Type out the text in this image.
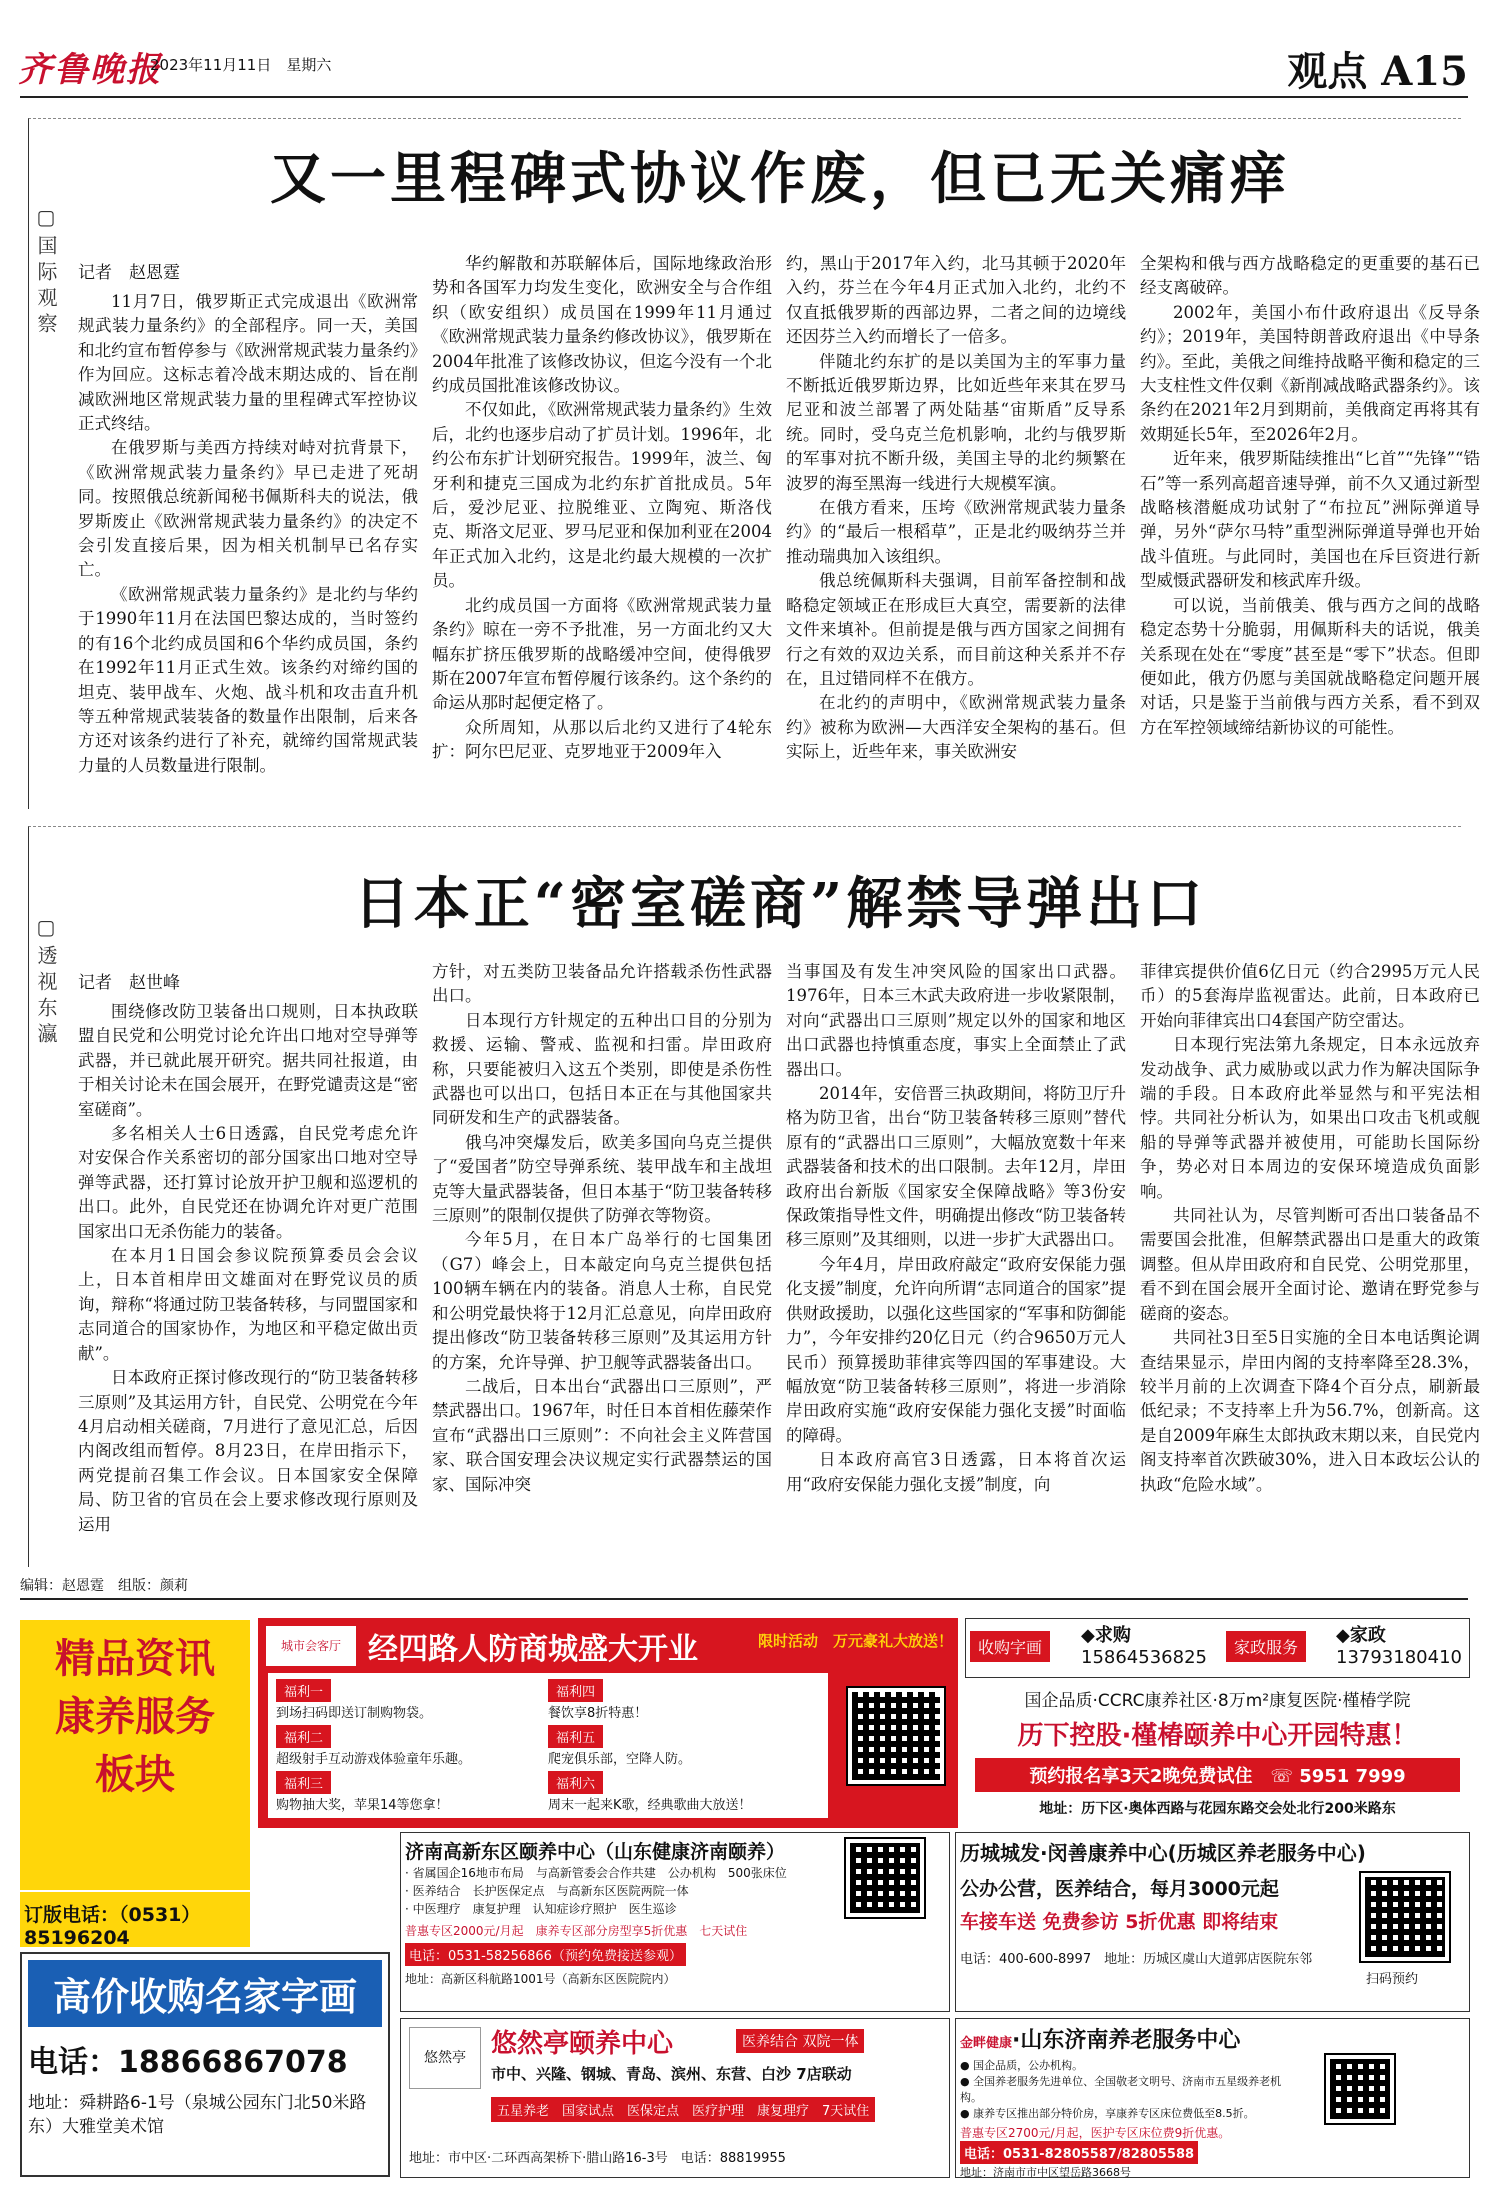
齐鲁晚报
2023年11月11日　星期六	观点 A15
又一里程碑式协议作废，但已无关痛痒
▢国际观察 记者　赵恩霆

11月7日，俄罗斯正式完成退出《欧洲常规武装力量条约》的全部程序。同一天，美国和北约宣布暂停参与《欧洲常规武装力量条约》作为回应。这标志着冷战末期达成的、旨在削减欧洲地区常规武装力量的里程碑式军控协议正式终结。

在俄罗斯与美西方持续对峙对抗背景下，《欧洲常规武装力量条约》早已走进了死胡同。按照俄总统新闻秘书佩斯科夫的说法，俄罗斯废止《欧洲常规武装力量条约》的决定不会引发直接后果，因为相关机制早已名存实亡。

《欧洲常规武装力量条约》是北约与华约于1990年11月在法国巴黎达成的，当时签约的有16个北约成员国和6个华约成员国，条约在1992年11月正式生效。该条约对缔约国的坦克、装甲战车、火炮、战斗机和攻击直升机等五种常规武装装备的数量作出限制，后来各方还对该条约进行了补充，就缔约国常规武装力量的人员数量进行限制。

华约解散和苏联解体后，国际地缘政治形势和各国军力均发生变化，欧洲安全与合作组织（欧安组织）成员国在1999年11月通过《欧洲常规武装力量条约修改协议》，俄罗斯在2004年批准了该修改协议，但迄今没有一个北约成员国批准该修改协议。

不仅如此，《欧洲常规武装力量条约》生效后，北约也逐步启动了扩员计划。1996年，北约公布东扩计划研究报告。1999年，波兰、匈牙利和捷克三国成为北约东扩首批成员。5年后，爱沙尼亚、拉脱维亚、立陶宛、斯洛伐克、斯洛文尼亚、罗马尼亚和保加利亚在2004年正式加入北约，这是北约最大规模的一次扩员。

北约成员国一方面将《欧洲常规武装力量条约》晾在一旁不予批准，另一方面北约又大幅东扩挤压俄罗斯的战略缓冲空间，使得俄罗斯在2007年宣布暂停履行该条约。这个条约的命运从那时起便定格了。

众所周知，从那以后北约又进行了4轮东扩：阿尔巴尼亚、克罗地亚于2009年入

约，黑山于2017年入约，北马其顿于2020年入约，芬兰在今年4月正式加入北约，北约不仅直抵俄罗斯的西部边界，二者之间的边境线还因芬兰入约而增长了一倍多。

伴随北约东扩的是以美国为主的军事力量不断抵近俄罗斯边界，比如近些年来其在罗马尼亚和波兰部署了两处陆基“宙斯盾”反导系统。同时，受乌克兰危机影响，北约与俄罗斯的军事对抗不断升级，美国主导的北约频繁在波罗的海至黑海一线进行大规模军演。

在俄方看来，压垮《欧洲常规武装力量条约》的“最后一根稻草”，正是北约吸纳芬兰并推动瑞典加入该组织。

俄总统佩斯科夫强调，目前军备控制和战略稳定领域正在形成巨大真空，需要新的法律文件来填补。但前提是俄与西方国家之间拥有行之有效的双边关系，而目前这种关系并不存在，且过错同样不在俄方。

在北约的声明中，《欧洲常规武装力量条约》被称为欧洲—大西洋安全架构的基石。但实际上，近些年来，事关欧洲安

全架构和俄与西方战略稳定的更重要的基石已经支离破碎。

2002年，美国小布什政府退出《反导条约》；2019年，美国特朗普政府退出《中导条约》。至此，美俄之间维持战略平衡和稳定的三大支柱性文件仅剩《新削减战略武器条约》。该条约在2021年2月到期前，美俄商定再将其有效期延长5年，至2026年2月。

近年来，俄罗斯陆续推出“匕首”“先锋”“锆石”等一系列高超音速导弹，前不久又通过新型战略核潜艇成功试射了“布拉瓦”洲际弹道导弹，另外“萨尔马特”重型洲际弹道导弹也开始战斗值班。与此同时，美国也在斥巨资进行新型威慑武器研发和核武库升级。

可以说，当前俄美、俄与西方之间的战略稳定态势十分脆弱，用佩斯科夫的话说，俄美关系现在处在“零度”甚至是“零下”状态。但即便如此，俄方仍愿与美国就战略稳定问题开展对话，只是鉴于当前俄与西方关系，看不到双方在军控领域缔结新协议的可能性。

日本正“密室磋商”解禁导弹出口
▢透视东瀛 记者　赵世峰

围绕修改防卫装备出口规则，日本执政联盟自民党和公明党讨论允许出口地对空导弹等武器，并已就此展开研究。据共同社报道，由于相关讨论未在国会展开，在野党谴责这是“密室磋商”。

多名相关人士6日透露，自民党考虑允许对安保合作关系密切的部分国家出口地对空导弹等武器，还打算讨论放开护卫舰和巡逻机的出口。此外，自民党还在协调允许对更广范围国家出口无杀伤能力的装备。

在本月1日国会参议院预算委员会会议上，日本首相岸田文雄面对在野党议员的质询，辩称“将通过防卫装备转移，与同盟国家和志同道合的国家协作，为地区和平稳定做出贡献”。

日本政府正探讨修改现行的“防卫装备转移三原则”及其运用方针，自民党、公明党在今年4月启动相关磋商，7月进行了意见汇总，后因内阁改组而暂停。8月23日，在岸田指示下，两党提前召集工作会议。日本国家安全保障局、防卫省的官员在会上要求修改现行原则及运用

方针，对五类防卫装备品允许搭载杀伤性武器出口。

日本现行方针规定的五种出口目的分别为救援、运输、警戒、监视和扫雷。岸田政府称，只要能被归入这五个类别，即使是杀伤性武器也可以出口，包括日本正在与其他国家共同研发和生产的武器装备。

俄乌冲突爆发后，欧美多国向乌克兰提供了“爱国者”防空导弹系统、装甲战车和主战坦克等大量武器装备，但日本基于“防卫装备转移三原则”的限制仅提供了防弹衣等物资。

今年5月，在日本广岛举行的七国集团（G7）峰会上，日本敲定向乌克兰提供包括100辆车辆在内的装备。消息人士称，自民党和公明党最快将于12月汇总意见，向岸田政府提出修改“防卫装备转移三原则”及其运用方针的方案，允许导弹、护卫舰等武器装备出口。

二战后，日本出台“武器出口三原则”，严禁武器出口。1967年，时任日本首相佐藤荣作宣布“武器出口三原则”：不向社会主义阵营国家、联合国安理会决议规定实行武器禁运的国家、国际冲突

当事国及有发生冲突风险的国家出口武器。1976年，日本三木武夫政府进一步收紧限制，对向“武器出口三原则”规定以外的国家和地区出口武器也持慎重态度，事实上全面禁止了武器出口。

2014年，安倍晋三执政期间，将防卫厅升格为防卫省，出台“防卫装备转移三原则”替代原有的“武器出口三原则”，大幅放宽数十年来武器装备和技术的出口限制。去年12月，岸田政府出台新版《国家安全保障战略》等3份安保政策指导性文件，明确提出修改“防卫装备转移三原则”及其细则，以进一步扩大武器出口。

今年4月，岸田政府敲定“政府安保能力强化支援”制度，允许向所谓“志同道合的国家”提供财政援助，以强化这些国家的“军事和防御能力”，今年安排约20亿日元（约合9650万元人民币）预算援助菲律宾等四国的军事建设。大幅放宽“防卫装备转移三原则”，将进一步消除岸田政府实施“政府安保能力强化支援”时面临的障碍。

日本政府高官3日透露，日本将首次运用“政府安保能力强化支援”制度，向

菲律宾提供价值6亿日元（约合2995万元人民币）的5套海岸监视雷达。此前，日本政府已开始向菲律宾出口4套国产防空雷达。

日本现行宪法第九条规定，日本永远放弃发动战争、武力威胁或以武力作为解决国际争端的手段。日本政府此举显然与和平宪法相悖。共同社分析认为，如果出口攻击飞机或舰船的导弹等武器并被使用，可能助长国际纷争，势必对日本周边的安保环境造成负面影响。

共同社认为，尽管判断可否出口装备品不需要国会批准，但解禁武器出口是重大的政策调整。但从岸田政府和自民党、公明党那里，看不到在国会展开全面讨论、邀请在野党参与磋商的姿态。

共同社3日至5日实施的全日本电话舆论调查结果显示，岸田内阁的支持率降至28.3%，较半月前的上次调查下降4个百分点，刷新最低纪录；不支持率上升为56.7%，创新高。这是自2009年麻生太郎执政末期以来，自民党内阁支持率首次跌破30%，进入日本政坛公认的执政“危险水域”。

编辑：赵恩霆　组版：颜莉
精品资讯
康养服务
板块
订版电话：（0531）85196204
高价收购名家字画
电话：18866867078
地址：舜耕路6-1号（泉城公园东门北50米路东）大雅堂美术馆
城市会客厅 经四路人防商城盛大开业	限时活动　万元豪礼大放送！
福利一
到场扫码即送订制购物袋。
福利二
超级射手互动游戏体验童年乐趣。
福利三
购物抽大奖，苹果14等您拿！
福利四
餐饮享8折特惠！
福利五
爬宠俱乐部，空降人防。
福利六
周末一起来K歌，经典歌曲大放送！
收购字画
◆求购
15864536825	家政服务
◆家政
13793180410
国企品质·CCRC康养社区·8万m²康复医院·槿椿学院
历下控股·槿椿颐养中心开园特惠！
预约报名享3天2晚免费试住　☏ 5951 7999
地址：历下区·奥体西路与花园东路交会处北行200米路东
济南高新东区颐养中心（山东健康济南颐养）
· 省属国企16地市布局　与高新管委会合作共建　公办机构　500张床位
· 医养结合　长护医保定点　与高新东区医院两院一体
· 中医理疗　康复护理　认知症诊疗照护　医生巡诊
普惠专区2000元/月起　康养专区部分房型享5折优惠　七天试住
电话：0531-58256866（预约免费接送参观）
地址：高新区科航路1001号（高新东区医院院内）
历城城发·闵善康养中心(历城区养老服务中心)
公办公营，医养结合，每月3000元起
车接车送 免费参访 5折优惠 即将结束
电话：400-600-8997　地址：历城区虞山大道郭店医院东邻
扫码预约
悠然亭 悠然亭颐养中心	医养结合 双院一体
市中、兴隆、钢城、青岛、滨州、东营、白沙 7店联动
五星养老　国家试点　医保定点　医疗护理　康复理疗　7天试住
地址：市中区·二环西高架桥下·腊山路16-3号　电话：88819955
金畔健康·山东济南养老服务中心
● 国企品质，公办机构。
● 全国养老服务先进单位、全国敬老文明号、济南市五星级养老机构。
● 康养专区推出部分特价房，享康养专区床位费低至8.5折。
普惠专区2700元/月起，医护专区床位费9折优惠。
电话：0531-82805587/82805588
地址：济南市市中区望岳路3668号
